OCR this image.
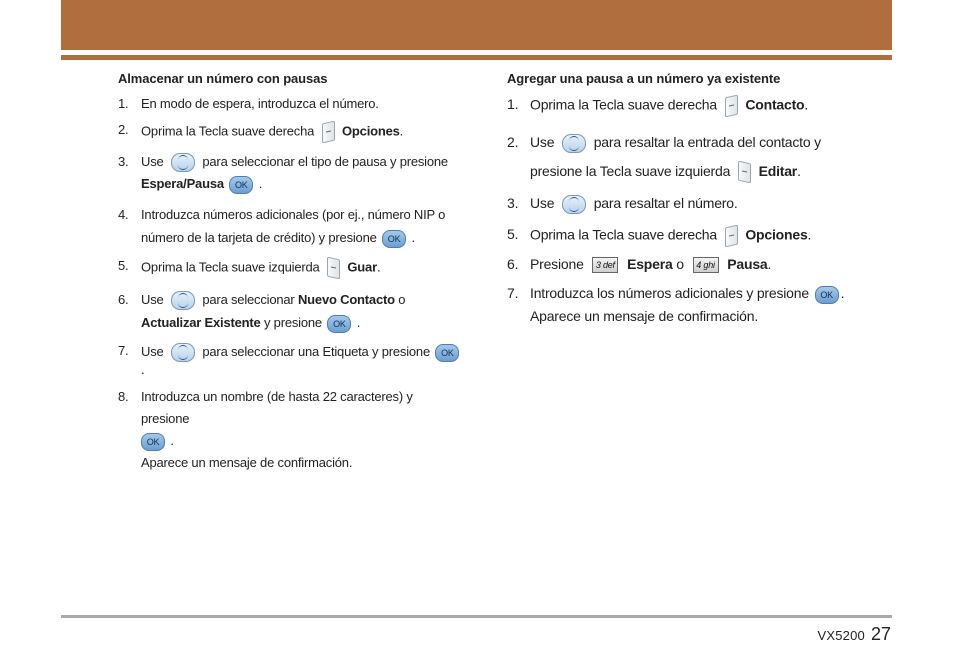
Almacenar un número con pausas
1. En modo de espera, introduzca el número.
2. Oprima la Tecla suave derecha Opciones.
3. Use	para seleccionar el tipo de pausa y presione
Espera/Pausa OK .
4. Introduzca números adicionales (por ej., número NIP o número de la tarjeta de crédito) y presione OK .
5. Oprima la Tecla suave izquierda Guar.
6. Use	para seleccionar Nuevo Contacto o Actualizar Existente y presione OK .
7. Use	para seleccionar una Etiqueta y presione OK.
8. Introduzca un nombre (de hasta 22 caracteres) y presione
OK .
Aparece un mensaje de confirmación.
Agregar una pausa a un número ya existente
1. Oprima la Tecla suave derecha Contacto.
2. Use	para resaltar la entrada del contacto y presione la Tecla suave izquierda Editar.
3. Use	para resaltar el número.
5. Oprima la Tecla suave derecha Opciones.
6. Presione 3 def Espera o 4 ghi Pausa.
7. Introduzca los números adicionales y presione OK .
Aparece un mensaje de confirmación.
VX5200 27
